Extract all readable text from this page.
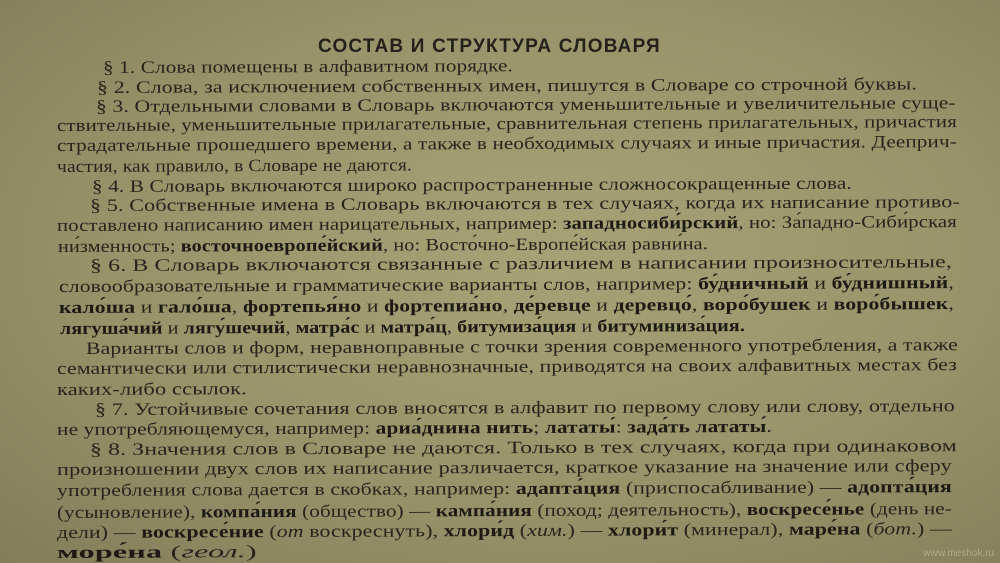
СОСТАВ И СТРУКТУРА СЛОВАРЯ
§ 1. Слова помещены в алфавитном порядке.
§ 2. Слова, за исключением собственных имен, пишутся в Словаре со строчной буквы.
§ 3. Отдельными словами в Словарь включаются уменьшительные и увеличительные суще-
ствительные, уменьшительные прилагательные, сравнительная степень прилагательных, причастия
страдательные прошедшего времени, а также в необходимых случаях и иные причастия. Дееприч-
частия, как правило, в Словаре не даются.
§ 4. В Словарь включаются широко распространенные сложносокращенные слова.
§ 5. Собственные имена в Словарь включаются в тех случаях, когда их написание противо-
поставлено написанию имен нарицательных, например: западносиби́рский, но: За́падно-Сиби́рская
ни́зменность; восточноевропе́йский, но: Восто́чно-Европе́йская равни́на.
§ 6. В Словарь включаются связанные с различием в написании произносительные,
словообразовательные и грамматические варианты слов, например: бу́дничный и бу́днишный,
кало́ша и гало́ша, фортепья́но и фортепиа́но, де́ревце и деревцо́, воро́бушек и воро́бышек,
лягуша́чий и лягу́шечий, матра́с и матра́ц, битумиза́ция и битуминиза́ция.
Варианты слов и форм, неравноправные с точки зрения современного употребления, а также
семантически или стилистически неравнозначные, приводятся на своих алфавитных местах без
каких-либо ссылок.
§ 7. Устойчивые сочетания слов вносятся в алфавит по первому слову или слову, отдельно
не употребляющемуся, например: ариа́днина нить; лататы́: зада́ть лататы́.
§ 8. Значения слов в Словаре не даются. Только в тех случаях, когда при одинаковом
произношении двух слов их написание различается, краткое указание на значение или сферу
употребления слова дается в скобках, например: адапта́ция (приспосабливание) — адопта́ция
(усыновление), компа́ния (общество) — кампа́ния (поход; деятельность), воскресе́нье (день не-
дели) — воскресе́ние (от воскреснуть), хлори́д (хим.) — хлори́т (минерал), маре́на (бот.) —
море́на (геол.)	www.meshok.ru
